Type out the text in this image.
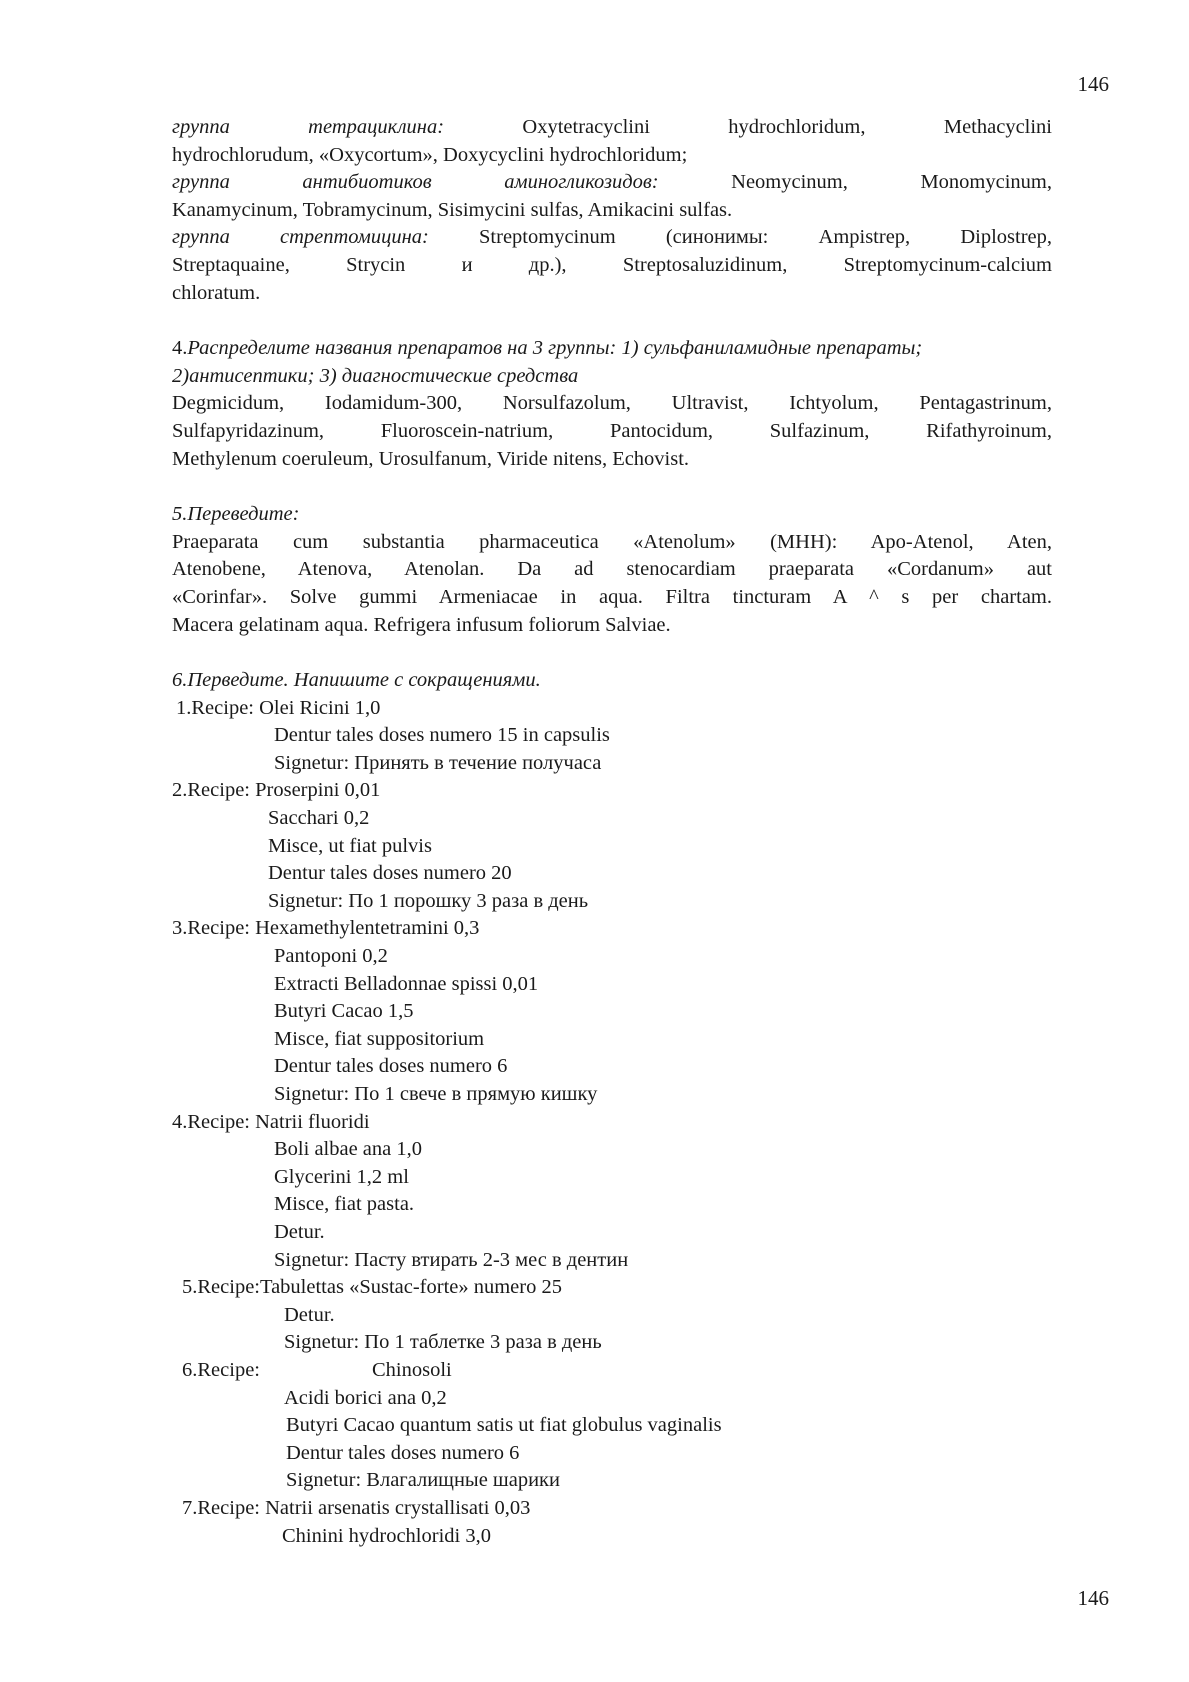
146
группа тетрациклина:	Oxytetracyclini hydrochloridum, Methacyclini
hydrochlorudum, «Oxycortum», Doxycyclini hydrochloridum;
группа антибиотиков аминогликозидов:	Neomycinum, Monomycinum,
Kanamycinum, Tobramycinum, Sisimycini sulfas, Amikacini sulfas.
группа стрептомицина: Streptomycinum (синонимы: Ampistrep, Diplostrep,
Streptaquaine, Strycin и др.), Streptosaluzidinum, Streptomycinum-calcium
chloratum.
4.Распределите названия препаратов на 3 группы: 1) сульфаниламидные препараты;
2)антисептики; 3) диагностические средства
Degmicidum, Iodamidum-300, Norsulfazolum, Ultravist, Ichtyolum, Pentagastrinum,
Sulfapyridazinum, Fluoroscein-natrium, Pantocidum, Sulfazinum, Rifathyroinum,
Methylenum coeruleum, Urosulfanum, Viride nitens, Echovist.
5.Переведите:
Praeparata cum substantia pharmaceutica «Atenolum» (MHH): Apo-Atenol, Aten,
Atenobene, Atenova, Atenolan. Da ad stenocardiam praeparata «Cordanum» aut
«Corinfar». Solve gummi Armeniacae in aqua. Filtra tincturam A ^ s per chartam.
Macera gelatinam aqua. Refrigera infusum foliorum Salviae.
6.Перведите. Напишите с сокращениями.
1.Recipe: Olei Ricini 1,0
Dentur tales doses numero 15 in capsulis
Signetur: Принять в течение получаса
2.Recipe: Proserpini 0,01
Sacchari 0,2
Misce, ut fiat pulvis
Dentur tales doses numero 20
Signetur: По 1 порошку 3 раза в день
3.Recipe: Hexamethylentetramini 0,3
Pantoponi 0,2
Extracti Belladonnae spissi 0,01
Butyri Cacao 1,5
Misce, fiat suppositorium
Dentur tales doses numero 6
Signetur: По 1 свече в прямую кишку
4.Recipe: Natrii fluoridi
Boli albae ana 1,0
Glycerini 1,2 ml
Misce, fiat pasta.
Detur.
Signetur: Пасту втирать 2-3 мес в дентин
5.Recipe:Tabulettas «Sustac-forte» numero 25
Detur.
Signetur: По 1 таблетке 3 раза в день
6.Recipe:	Chinosoli
Acidi borici ana 0,2
Butyri Cacao quantum satis ut fiat globulus vaginalis
Dentur tales doses numero 6
Signetur: Влагалищные шарики
7.Recipe: Natrii arsenatis crystallisati 0,03
Chinini hydrochloridi 3,0
146
